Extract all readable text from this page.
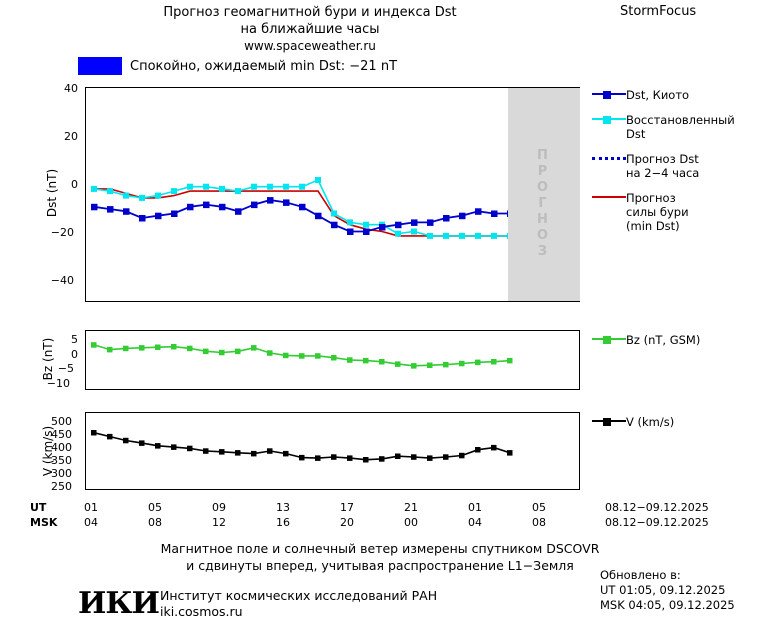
Прогноз геомагнитной бури и индекса Dst
на ближайшие часы
www.spaceweather.ru
StormFocus
Спокойно, ожидаемый min Dst: −21 nT
ПРОГНОЗ
Dst (nT)
40
20
0
−20
−40
Dst, Киото
Восстановленный
Dst
Прогноз Dst
на 2−4 часа
Прогноз
силы бури
(min Dst)
Bz (nT)	5
0
−5
−10
Bz (nT, GSM)
V (km/s)
500
450
400
350
300
250
V (km/s)
UT	01	05	09	13	17	21	01	05	08.12−09.12.2025
MSK	04	08	12	16	20	00	04	08	08.12−09.12.2025
Магнитное поле и солнечный ветер измерены спутником DSCOVR
и сдвинуты вперед, учитывая распространение L1−Земля
ИКИ Институт космических исследований РАН
iki.cosmos.ru
Обновлено в:
UT 01:05, 09.12.2025
MSK 04:05, 09.12.2025
